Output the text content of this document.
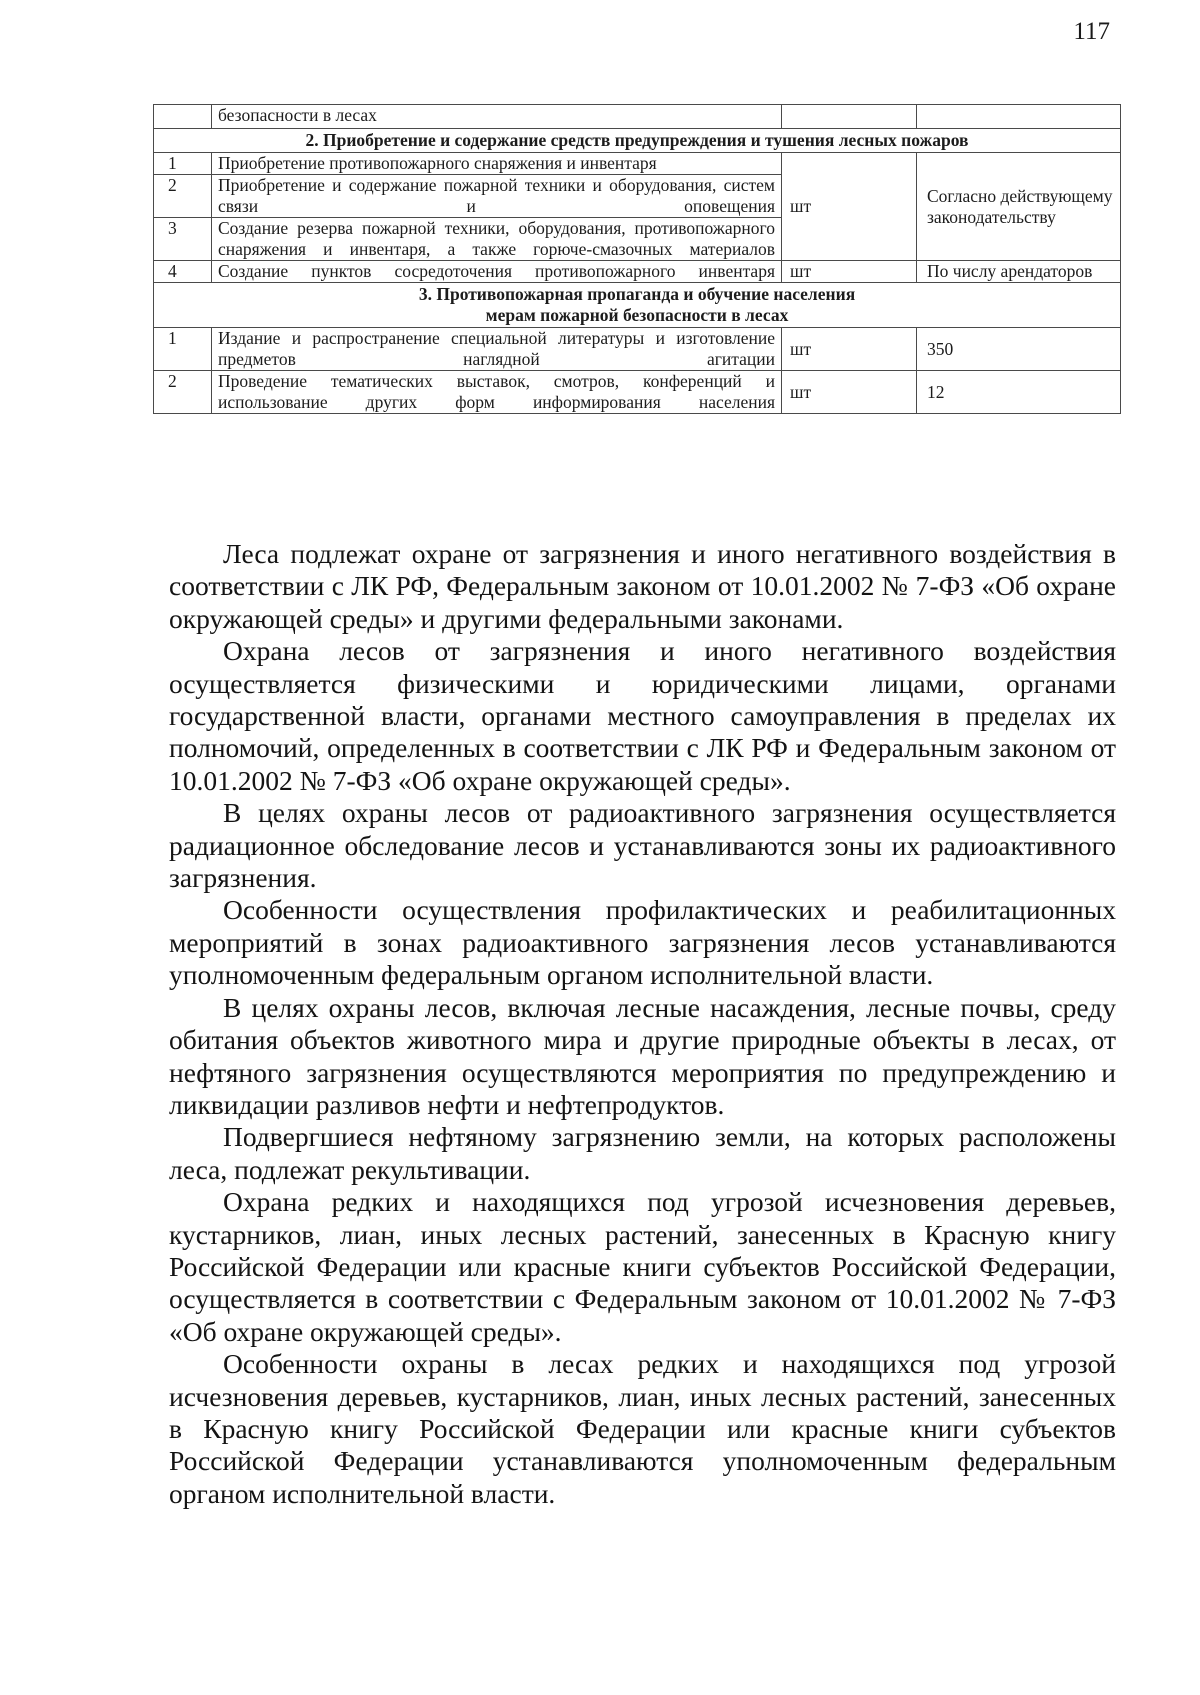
117
	безопасности в лесах		
2. Приобретение и содержание средств предупреждения и тушения лесных пожаров			
1	Приобретение противопожарного снаряжения и инвентаря	шт	Согласно действующему законодательству
2	Приобретение и содержание пожарной техники и оборудования, систем связи и оповещения		
3	Создание резерва пожарной техники, оборудования, противопожарного снаряжения и инвентаря, а также горюче-смазочных материалов		
4	Создание пунктов сосредоточения противопожарного инвентаря	шт	По числу арендаторов

3. Противопожарная пропаганда и обучение населения
мерам пожарной безопасности в лесах			

1	Издание и распространение специальной литературы и изготовление предметов наглядной агитации	шт	350
2	Проведение тематических выставок, смотров, конференций и использование других форм информирования населения	шт	12

Леса подлежат охране от загрязнения и иного негативного воздействия в соответствии с ЛК РФ, Федеральным законом от 10.01.2002 № 7-ФЗ «Об охране окружающей среды» и другими федеральными законами.

Охрана лесов от загрязнения и иного негативного воздействия осуществляется физическими и юридическими лицами, органами государственной власти, органами местного самоуправления в пределах их полномочий, определенных в соответствии с ЛК РФ и Федеральным законом от 10.01.2002 № 7-ФЗ «Об охране окружающей среды».

В целях охраны лесов от радиоактивного загрязнения осуществляется радиационное обследование лесов и устанавливаются зоны их радиоактивного загрязнения.

Особенности осуществления профилактических и реабилитационных мероприятий в зонах радиоактивного загрязнения лесов устанавливаются уполномоченным федеральным органом исполнительной власти.

В целях охраны лесов, включая лесные насаждения, лесные почвы, среду обитания объектов животного мира и другие природные объекты в лесах, от нефтяного загрязнения осуществляются мероприятия по предупреждению и ликвидации разливов нефти и нефтепродуктов.

Подвергшиеся нефтяному загрязнению земли, на которых расположены леса, подлежат рекультивации.

Охрана редких и находящихся под угрозой исчезновения деревьев, кустарников, лиан, иных лесных растений, занесенных в Красную книгу Российской Федерации или красные книги субъектов Российской Федерации, осуществляется в соответствии с Федеральным законом от 10.01.2002 № 7-ФЗ «Об охране окружающей среды».

Особенности охраны в лесах редких и находящихся под угрозой исчезновения деревьев, кустарников, лиан, иных лесных растений, занесенных в Красную книгу Российской Федерации или красные книги субъектов Российской Федерации устанавливаются уполномоченным федеральным органом исполнительной власти.
